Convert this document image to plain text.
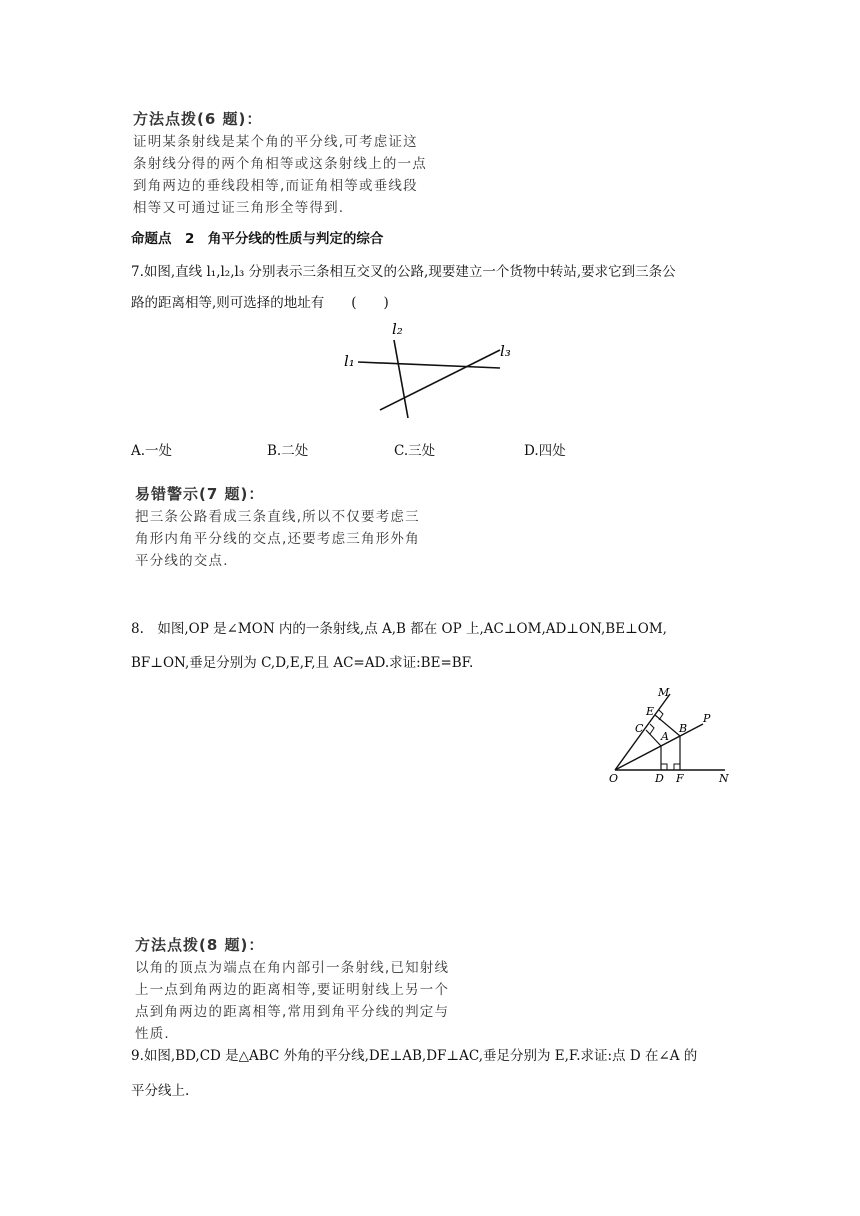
方法点拨(6 题)：
证明某条射线是某个角的平分线,可考虑证这
条射线分得的两个角相等或这条射线上的一点
到角两边的垂线段相等,而证角相等或垂线段
相等又可通过证三角形全等得到.
命题点　2　角平分线的性质与判定的综合
7.如图,直线 l₁,l₂,l₃ 分别表示三条相互交叉的公路,现要建立一个货物中转站,要求它到三条公
路的距离相等,则可选择的地址有　　(　　)
l₁
l₂
l₃
A.一处	B.二处	C.三处	D.四处
易错警示(7 题)：
把三条公路看成三条直线,所以不仅要考虑三
角形内角平分线的交点,还要考虑三角形外角
平分线的交点.
8.　如图,OP 是∠MON 内的一条射线,点 A,B 都在 OP 上,AC⊥OM,AD⊥ON,BE⊥OM,
BF⊥ON,垂足分别为 C,D,E,F,且 AC=AD.求证:BE=BF.
M
E
C	B
P
A
O	D F	N
方法点拨(8 题)：
以角的顶点为端点在角内部引一条射线,已知射线
上一点到角两边的距离相等,要证明射线上另一个
点到角两边的距离相等,常用到角平分线的判定与
性质.
9.如图,BD,CD 是△ABC 外角的平分线,DE⊥AB,DF⊥AC,垂足分别为 E,F.求证:点 D 在∠A 的
平分线上.
